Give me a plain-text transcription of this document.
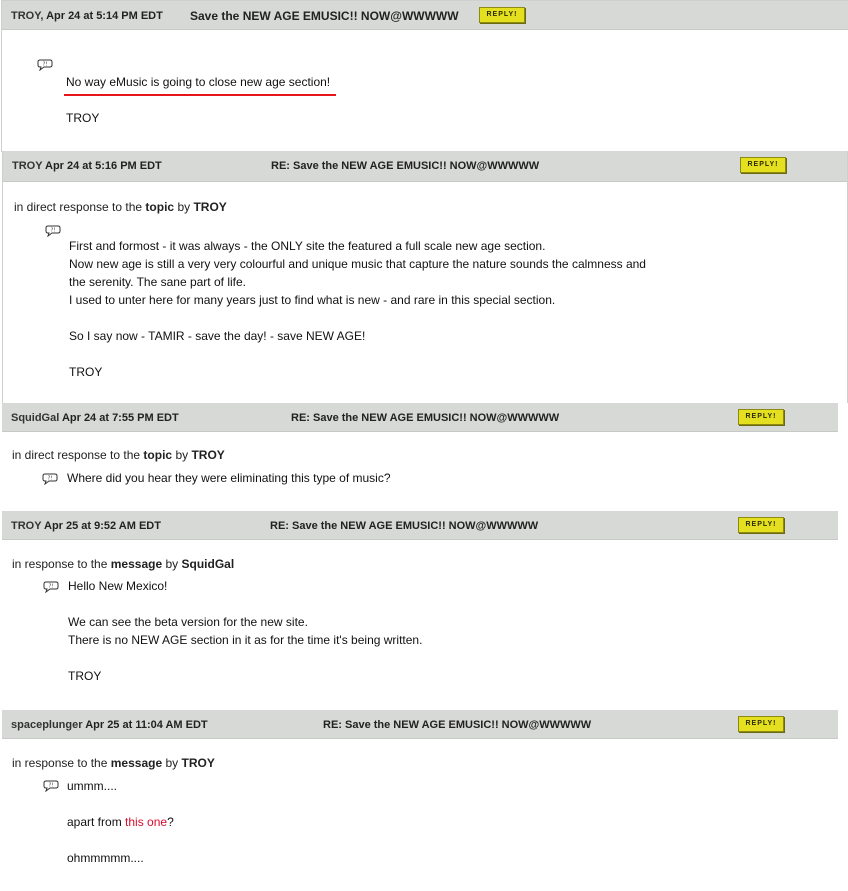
TROY, Apr 24 at 5:14 PM EDT Save the NEW AGE EMUSIC!! NOW@WWWWW	REPLY!
?!
No way eMusic is going to close new age section!
TROY
TROY Apr 24 at 5:16 PM EDT	RE: Save the NEW AGE EMUSIC!! NOW@WWWWW	REPLY!
in direct response to the topic by TROY
?!
First and formost - it was always - the ONLY site the featured a full scale new age section.
Now new age is still a very very colourful and unique music that capture the nature sounds the calmness and
the serenity. The sane part of life.
I used to unter here for many years just to find what is new - and rare in this special section.
So I say now - TAMIR - save the day! - save NEW AGE!
TROY
SquidGal Apr 24 at 7:55 PM EDT	RE: Save the NEW AGE EMUSIC!! NOW@WWWWW	REPLY!
in direct response to the topic by TROY
?! Where did you hear they were eliminating this type of music?
TROY Apr 25 at 9:52 AM EDT	RE: Save the NEW AGE EMUSIC!! NOW@WWWWW	REPLY!
in response to the message by SquidGal
?! Hello New Mexico!
We can see the beta version for the new site.
There is no NEW AGE section in it as for the time it's being written.
TROY
spaceplunger Apr 25 at 11:04 AM EDT	RE: Save the NEW AGE EMUSIC!! NOW@WWWWW	REPLY!
in response to the message by TROY
?! ummm....
apart from this one?
ohmmmmm....
